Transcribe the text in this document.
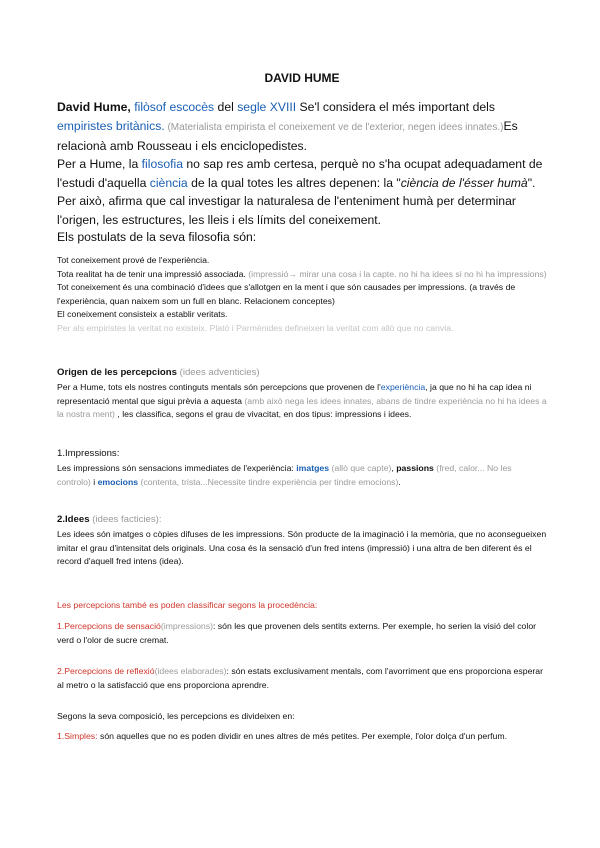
DAVID HUME
David Hume, filòsof escocès del segle XVIII Se'l considera el més important dels empiristes britànics. (Materialista empirista el coneixement ve de l'exterior, negen idees innates.)Es relacionà amb Rousseau i els enciclopedistes.
Per a Hume, la filosofia no sap res amb certesa, perquè no s'ha ocupat adequadament de l'estudi d'aquella ciència de la qual totes les altres depenen: la "ciència de l'ésser humà". Per això, afirma que cal investigar la naturalesa de l'enteniment humà per determinar l'origen, les estructures, les lleis i els límits del coneixement.
Els postulats de la seva filosofia són:
Tot coneixement prové de l'experiència.
Tota realitat ha de tenir una impressió associada. (impressió→ mirar una cosa i la capte. no hi ha idees si no hi ha impressions)
Tot coneixement és una combinació d'idees que s'allotgen en la ment i que són causades per impressions. (a través de l'experiència, quan naixem som un full en blanc. Relacionem conceptes)
El coneixement consisteix a establir veritats.
Per als empiristes la veritat no existeix. Plató i Parmènides defineixen la veritat com allò que no canvia.
Origen de les percepcions (idees adventicies)
Per a Hume, tots els nostres continguts mentals són percepcions que provenen de l'experiència, ja que no hi ha cap idea ni representació mental que sigui prèvia a aquesta (amb això nega les idees innates, abans de tindre experiència no hi ha idees a la nostra ment) , les classifica, segons el grau de vivacitat, en dos tipus: impressions i idees.
1.Impressions:
Les impressions són sensacions immediates de l'experiència: imatges (allò que capte), passions (fred, calor... No les controlo) i emocions (contenta, trista...Necessite tindre experiència per tindre emocions).
2.Idees (idees facticies):
Les idees són imatges o còpies difuses de les impressions. Són producte de la imaginació i la memòria, que no aconsegueixen imitar el grau d'intensitat dels originals. Una cosa és la sensació d'un fred intens (impressió) i una altra de ben diferent és el record d'aquell fred intens (idea).
Les percepcions també es poden classificar segons la procedència:
1.Percepcions de sensació(impressions): són les que provenen dels sentits externs. Per exemple, ho serien la visió del color verd o l'olor de sucre cremat.
2.Percepcions de reflexió(idees elaborades): són estats exclusivament mentals, com l'avorriment que ens proporciona esperar al metro o la satisfacció que ens proporciona aprendre.
Segons la seva composició, les percepcions es divideixen en:
1.Simples: són aquelles que no es poden dividir en unes altres de més petites. Per exemple, l'olor dolça d'un perfum.
